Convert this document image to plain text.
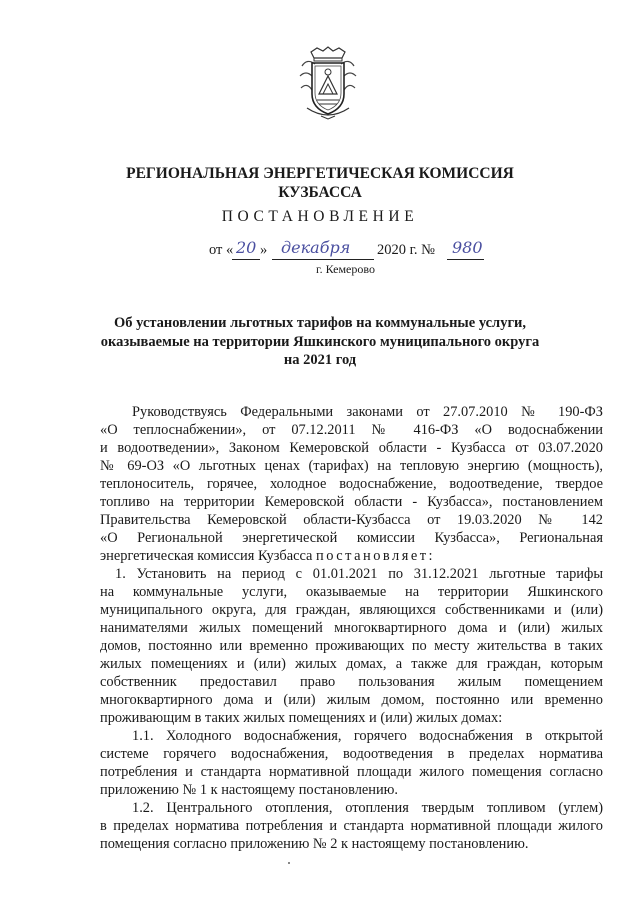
РЕГИОНАЛЬНАЯ ЭНЕРГЕТИЧЕСКАЯ КОМИССИЯ
КУЗБАССА
ПОСТАНОВЛЕНИЕ
от « 20 » декабря 2020 г. № 980
г. Кемерово
Об установлении льготных тарифов на коммунальные услуги,
оказываемые на территории Яшкинского муниципального округа
на 2021 год
Руководствуясь Федеральными законами от 27.07.2010 № 190-ФЗ
«О теплоснабжении», от 07.12.2011 № 416-ФЗ «О водоснабжении
и водоотведении», Законом Кемеровской области - Кузбасса от 03.07.2020
№ 69-ОЗ «О льготных ценах (тарифах) на тепловую энергию (мощность),
теплоноситель, горячее, холодное водоснабжение, водоотведение, твердое
топливо на территории Кемеровской области - Кузбасса», постановлением
Правительства Кемеровской области-Кузбасса от 19.03.2020 № 142
«О Региональной энергетической комиссии Кузбасса», Региональная
энергетическая комиссия Кузбасса постановляет:
1. Установить на период с 01.01.2021 по 31.12.2021 льготные тарифы
на коммунальные услуги, оказываемые на территории Яшкинского
муниципального округа, для граждан, являющихся собственниками и (или)
нанимателями жилых помещений многоквартирного дома и (или) жилых
домов, постоянно или временно проживающих по месту жительства в таких
жилых помещениях и (или) жилых домах, а также для граждан, которым
собственник предоставил право пользования жилым помещением
многоквартирного дома и (или) жилым домом, постоянно или временно
проживающим в таких жилых помещениях и (или) жилых домах:
1.1. Холодного водоснабжения, горячего водоснабжения в открытой
системе горячего водоснабжения, водоотведения в пределах норматива
потребления и стандарта нормативной площади жилого помещения согласно
приложению № 1 к настоящему постановлению.
1.2. Центрального отопления, отопления твердым топливом (углем)
в пределах норматива потребления и стандарта нормативной площади жилого
помещения согласно приложению № 2 к настоящему постановлению.
